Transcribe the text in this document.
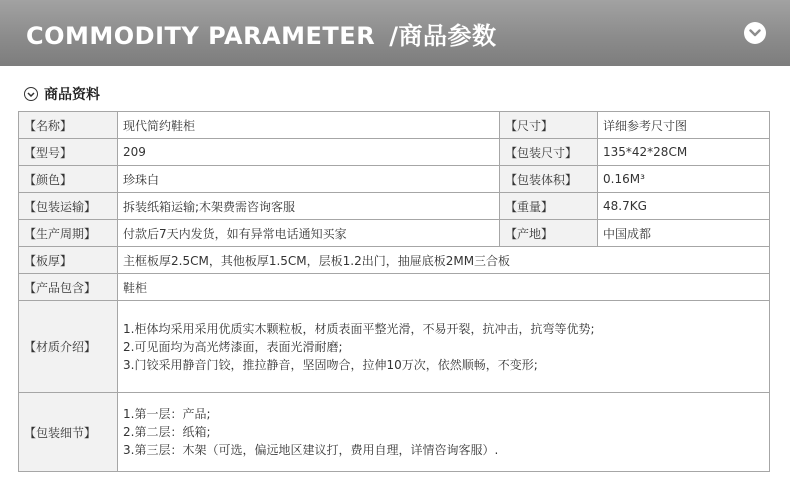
COMMODITY PARAMETER /商品参数
商品资料
【名称】	现代简约鞋柜	【尺寸】	详细参考尺寸图
【型号】	209	【包装尺寸】	135*42*28CM
【颜色】	珍珠白	【包装体积】	0.16M³
【包装运输】	拆装纸箱运输;木架费需咨询客服	【重量】	48.7KG
【生产周期】	付款后7天内发货，如有异常电话通知买家	【产地】	中国成都
【板厚】	主框板厚2.5CM，其他板厚1.5CM，层板1.2出门，抽屉底板2MM三合板		
【产品包含】	鞋柜		
【材质介绍】	1.柜体均采用采用优质实木颗粒板，材质表面平整光滑，不易开裂，抗冲击，抗弯等优势;
2.可见面均为高光烤漆面，表面光滑耐磨;
3.门铰采用静音门铰，推拉静音，坚固吻合，拉伸10万次，依然顺畅，不变形;		

【包装细节】	1.第一层：产品;
2.第二层：纸箱;
3.第三层：木架（可选，偏远地区建议打，费用自理，详情咨询客服）.		
